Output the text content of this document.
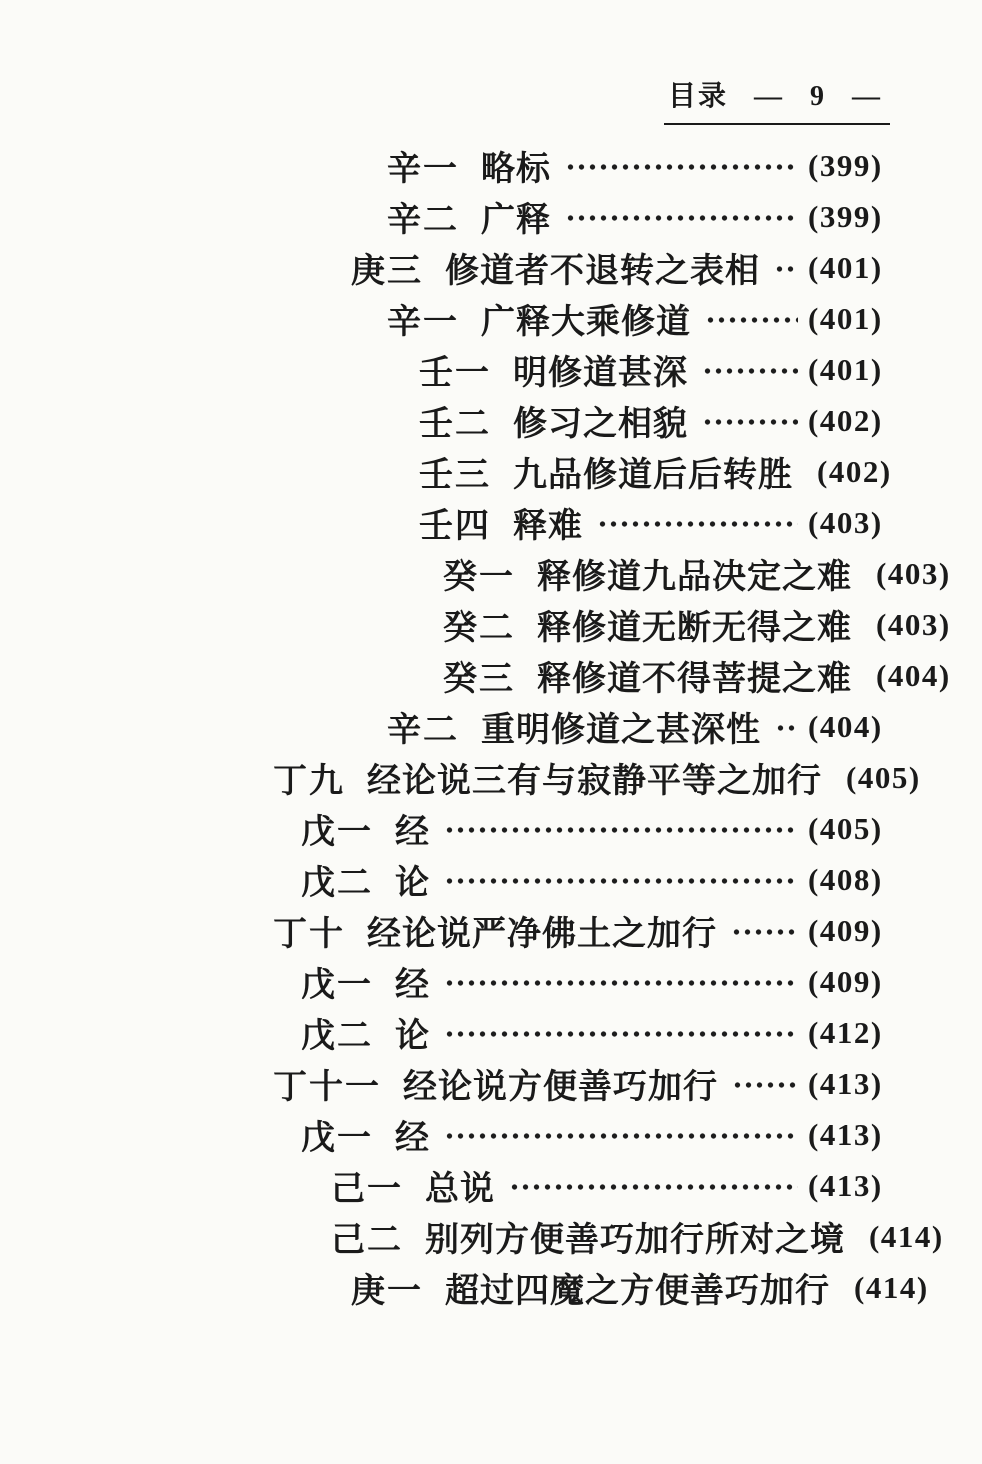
目录 — 9 —
辛一 略标	(399)
辛二 广释	(399)
庚三 修道者不退转之表相 (401)
辛一 广释大乘修道	(401)
壬一 明修道甚深	(401)
壬二 修习之相貌	(402)
壬三 九品修道后后转胜 (402)
壬四 释难	(403)
癸一 释修道九品决定之难 (403)
癸二 释修道无断无得之难 (403)
癸三 释修道不得菩提之难 (404)
辛二 重明修道之甚深性 (404)
丁九 经论说三有与寂静平等之加行 (405)
戊一 经	(405)
戊二 论	(408)
丁十 经论说严净佛土之加行	(409)
戊一 经	(409)
戊二 论	(412)
丁十一 经论说方便善巧加行	(413)
戊一 经	(413)
己一 总说	(413)
己二 别列方便善巧加行所对之境 (414)
庚一 超过四魔之方便善巧加行 (414)
